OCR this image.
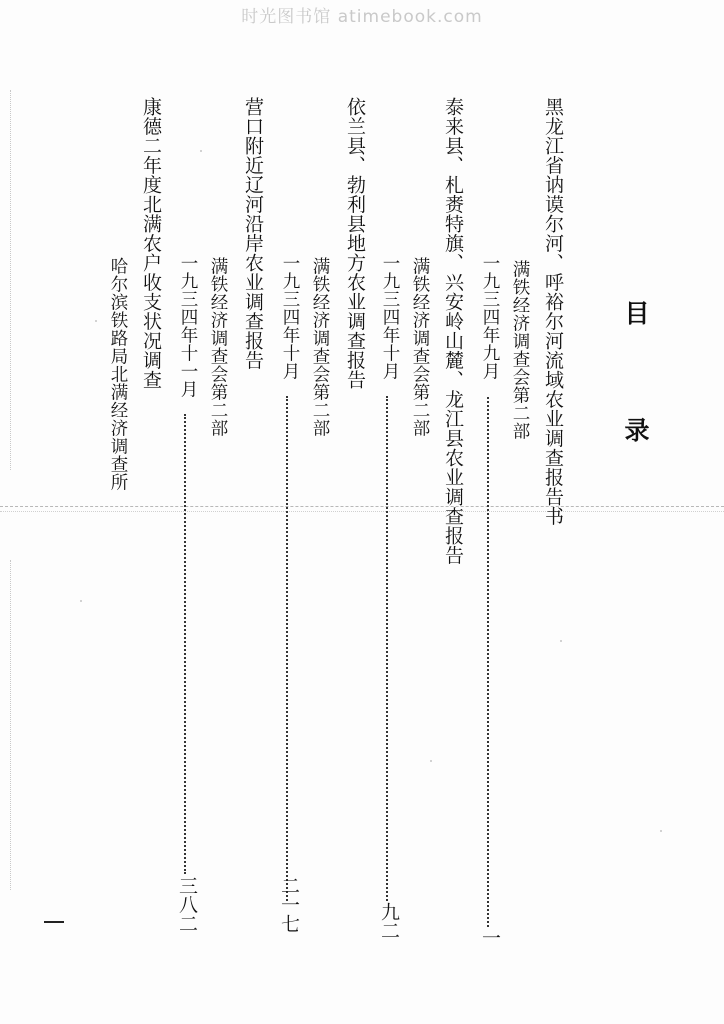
时光图书馆 atimebook.com
目录
黑龙江省讷谟尔河、呼裕尔河流域农业调查报告书
满铁经济调查会第二部
一九三四年九月
一
泰来县、札赉特旗、兴安岭山麓、龙江县农业调查报告
满铁经济调查会第二部
一九三四年十月
九二
依兰县、勃利县地方农业调查报告
满铁经济调查会第二部
一九三四年十月
二一七
营口附近辽河沿岸农业调查报告
满铁经济调查会第二部
一九三四年十一月
三八二
康德二年度北满农户收支状况调查
哈尔滨铁路局北满经济调查所
